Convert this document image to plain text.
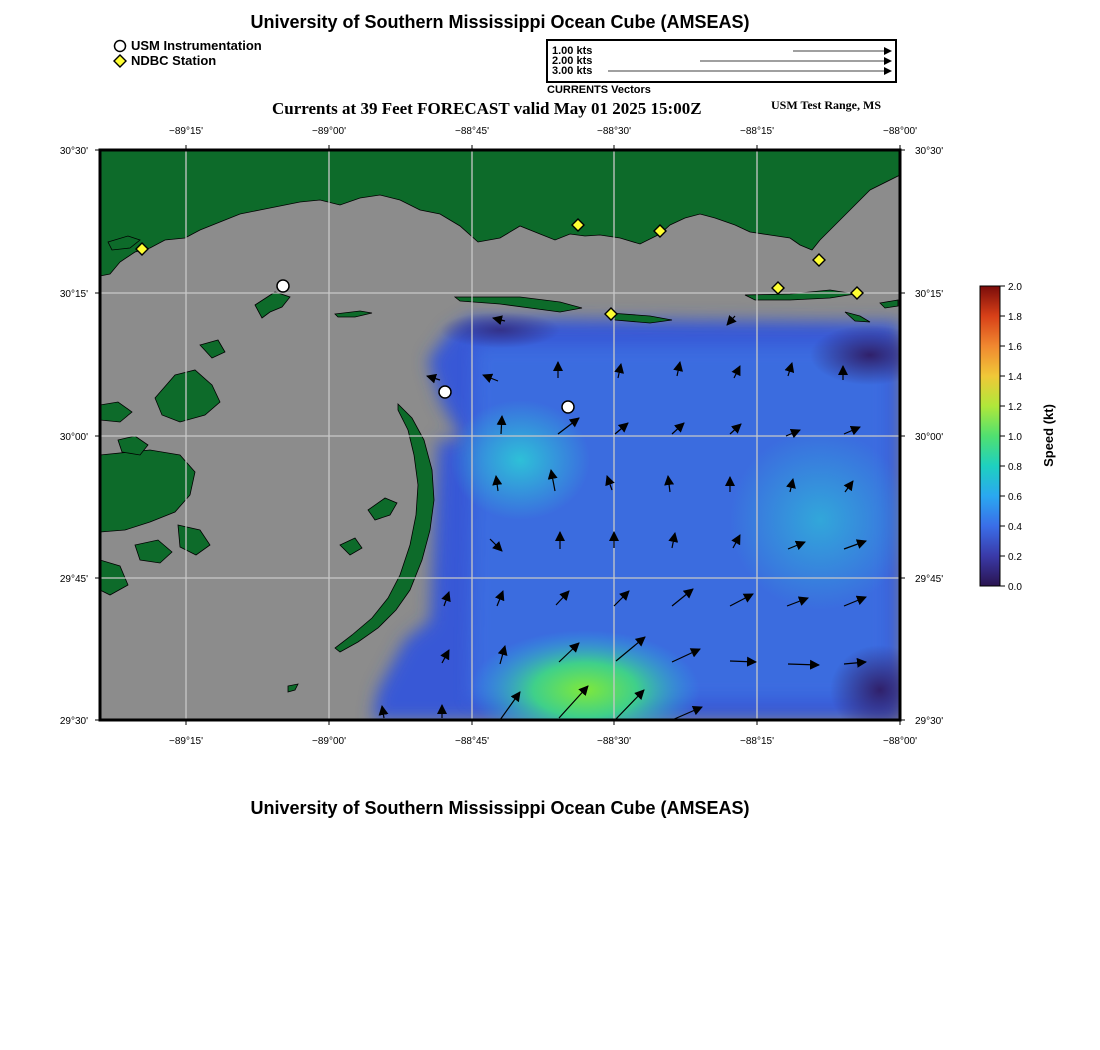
University of Southern Mississippi Ocean Cube (AMSEAS)
USM Instrumentation
NDBC Station
1.00 kts
2.00 kts
3.00 kts
CURRENTS Vectors
Currents at 39 Feet FORECAST valid May 01 2025 15:00Z	USM Test Range, MS
−89°15'	−89°00'	−88°45'	−88°30'	−88°15'	−88°00'
−89°15'	−89°00'	−88°45'	−88°30'	−88°15'	−88°00'
30°30'
30°15'
30°00'
29°45'
29°30'
30°30'
30°15'
30°00'
29°45'
29°30'
2.0
1.8
1.6
1.4
1.2
1.0
0.8
0.6
0.4
0.2
0.0
Speed (kt)
University of Southern Mississippi Ocean Cube (AMSEAS)
